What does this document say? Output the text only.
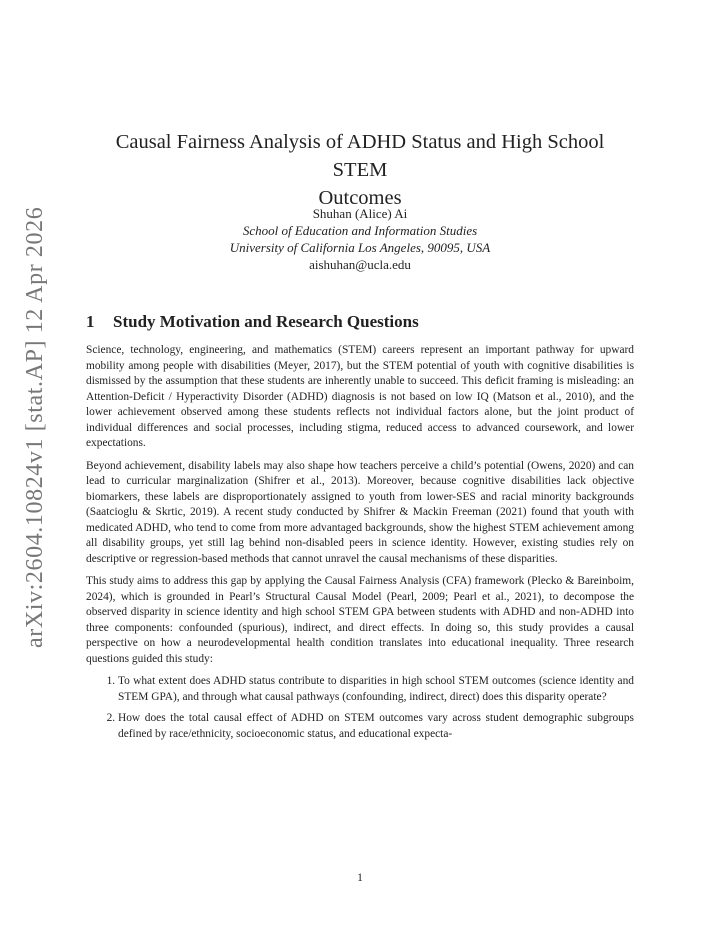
arXiv:2604.10824v1 [stat.AP] 12 Apr 2026
Causal Fairness Analysis of ADHD Status and High School STEM
Outcomes
Shuhan (Alice) Ai
School of Education and Information Studies
University of California Los Angeles, 90095, USA
aishuhan@ucla.edu
1 Study Motivation and Research Questions

Science, technology, engineering, and mathematics (STEM) careers represent an important pathway for upward mobility among people with disabilities (Meyer, 2017), but the STEM potential of youth with cognitive disabilities is dismissed by the assumption that these students are inherently unable to succeed. This deficit framing is misleading: an Attention-Deficit / Hyperactivity Disorder (ADHD) diagnosis is not based on low IQ (Matson et al., 2010), and the lower achievement observed among these students reflects not individual factors alone, but the joint product of individual differences and social processes, including stigma, reduced access to advanced coursework, and lower expectations.

Beyond achievement, disability labels may also shape how teachers perceive a child’s potential (Owens, 2020) and can lead to curricular marginalization (Shifrer et al., 2013). Moreover, because cognitive disabilities lack objective biomarkers, these labels are disproportionately assigned to youth from lower-SES and racial minority backgrounds (Saatcioglu & Skrtic, 2019). A recent study conducted by Shifrer & Mackin Freeman (2021) found that youth with medicated ADHD, who tend to come from more advantaged backgrounds, show the highest STEM achievement among all disability groups, yet still lag behind non-disabled peers in science identity. However, existing studies rely on descriptive or regression-based methods that cannot unravel the causal mechanisms of these disparities.

This study aims to address this gap by applying the Causal Fairness Analysis (CFA) framework (Plecko & Bareinboim, 2024), which is grounded in Pearl’s Structural Causal Model (Pearl, 2009; Pearl et al., 2021), to decompose the observed disparity in science identity and high school STEM GPA between students with ADHD and non-ADHD into three components: confounded (spurious), indirect, and direct effects. In doing so, this study provides a causal perspective on how a neurodevelopmental health condition translates into educational inequality. Three research questions guided this study:

1. To what extent does ADHD status contribute to disparities in high school STEM outcomes (science identity and STEM GPA), and through what causal pathways (confounding, indirect, direct) does this disparity operate?
2. How does the total causal effect of ADHD on STEM outcomes vary across student demographic subgroups defined by race/ethnicity, socioeconomic status, and educational expecta-
1
